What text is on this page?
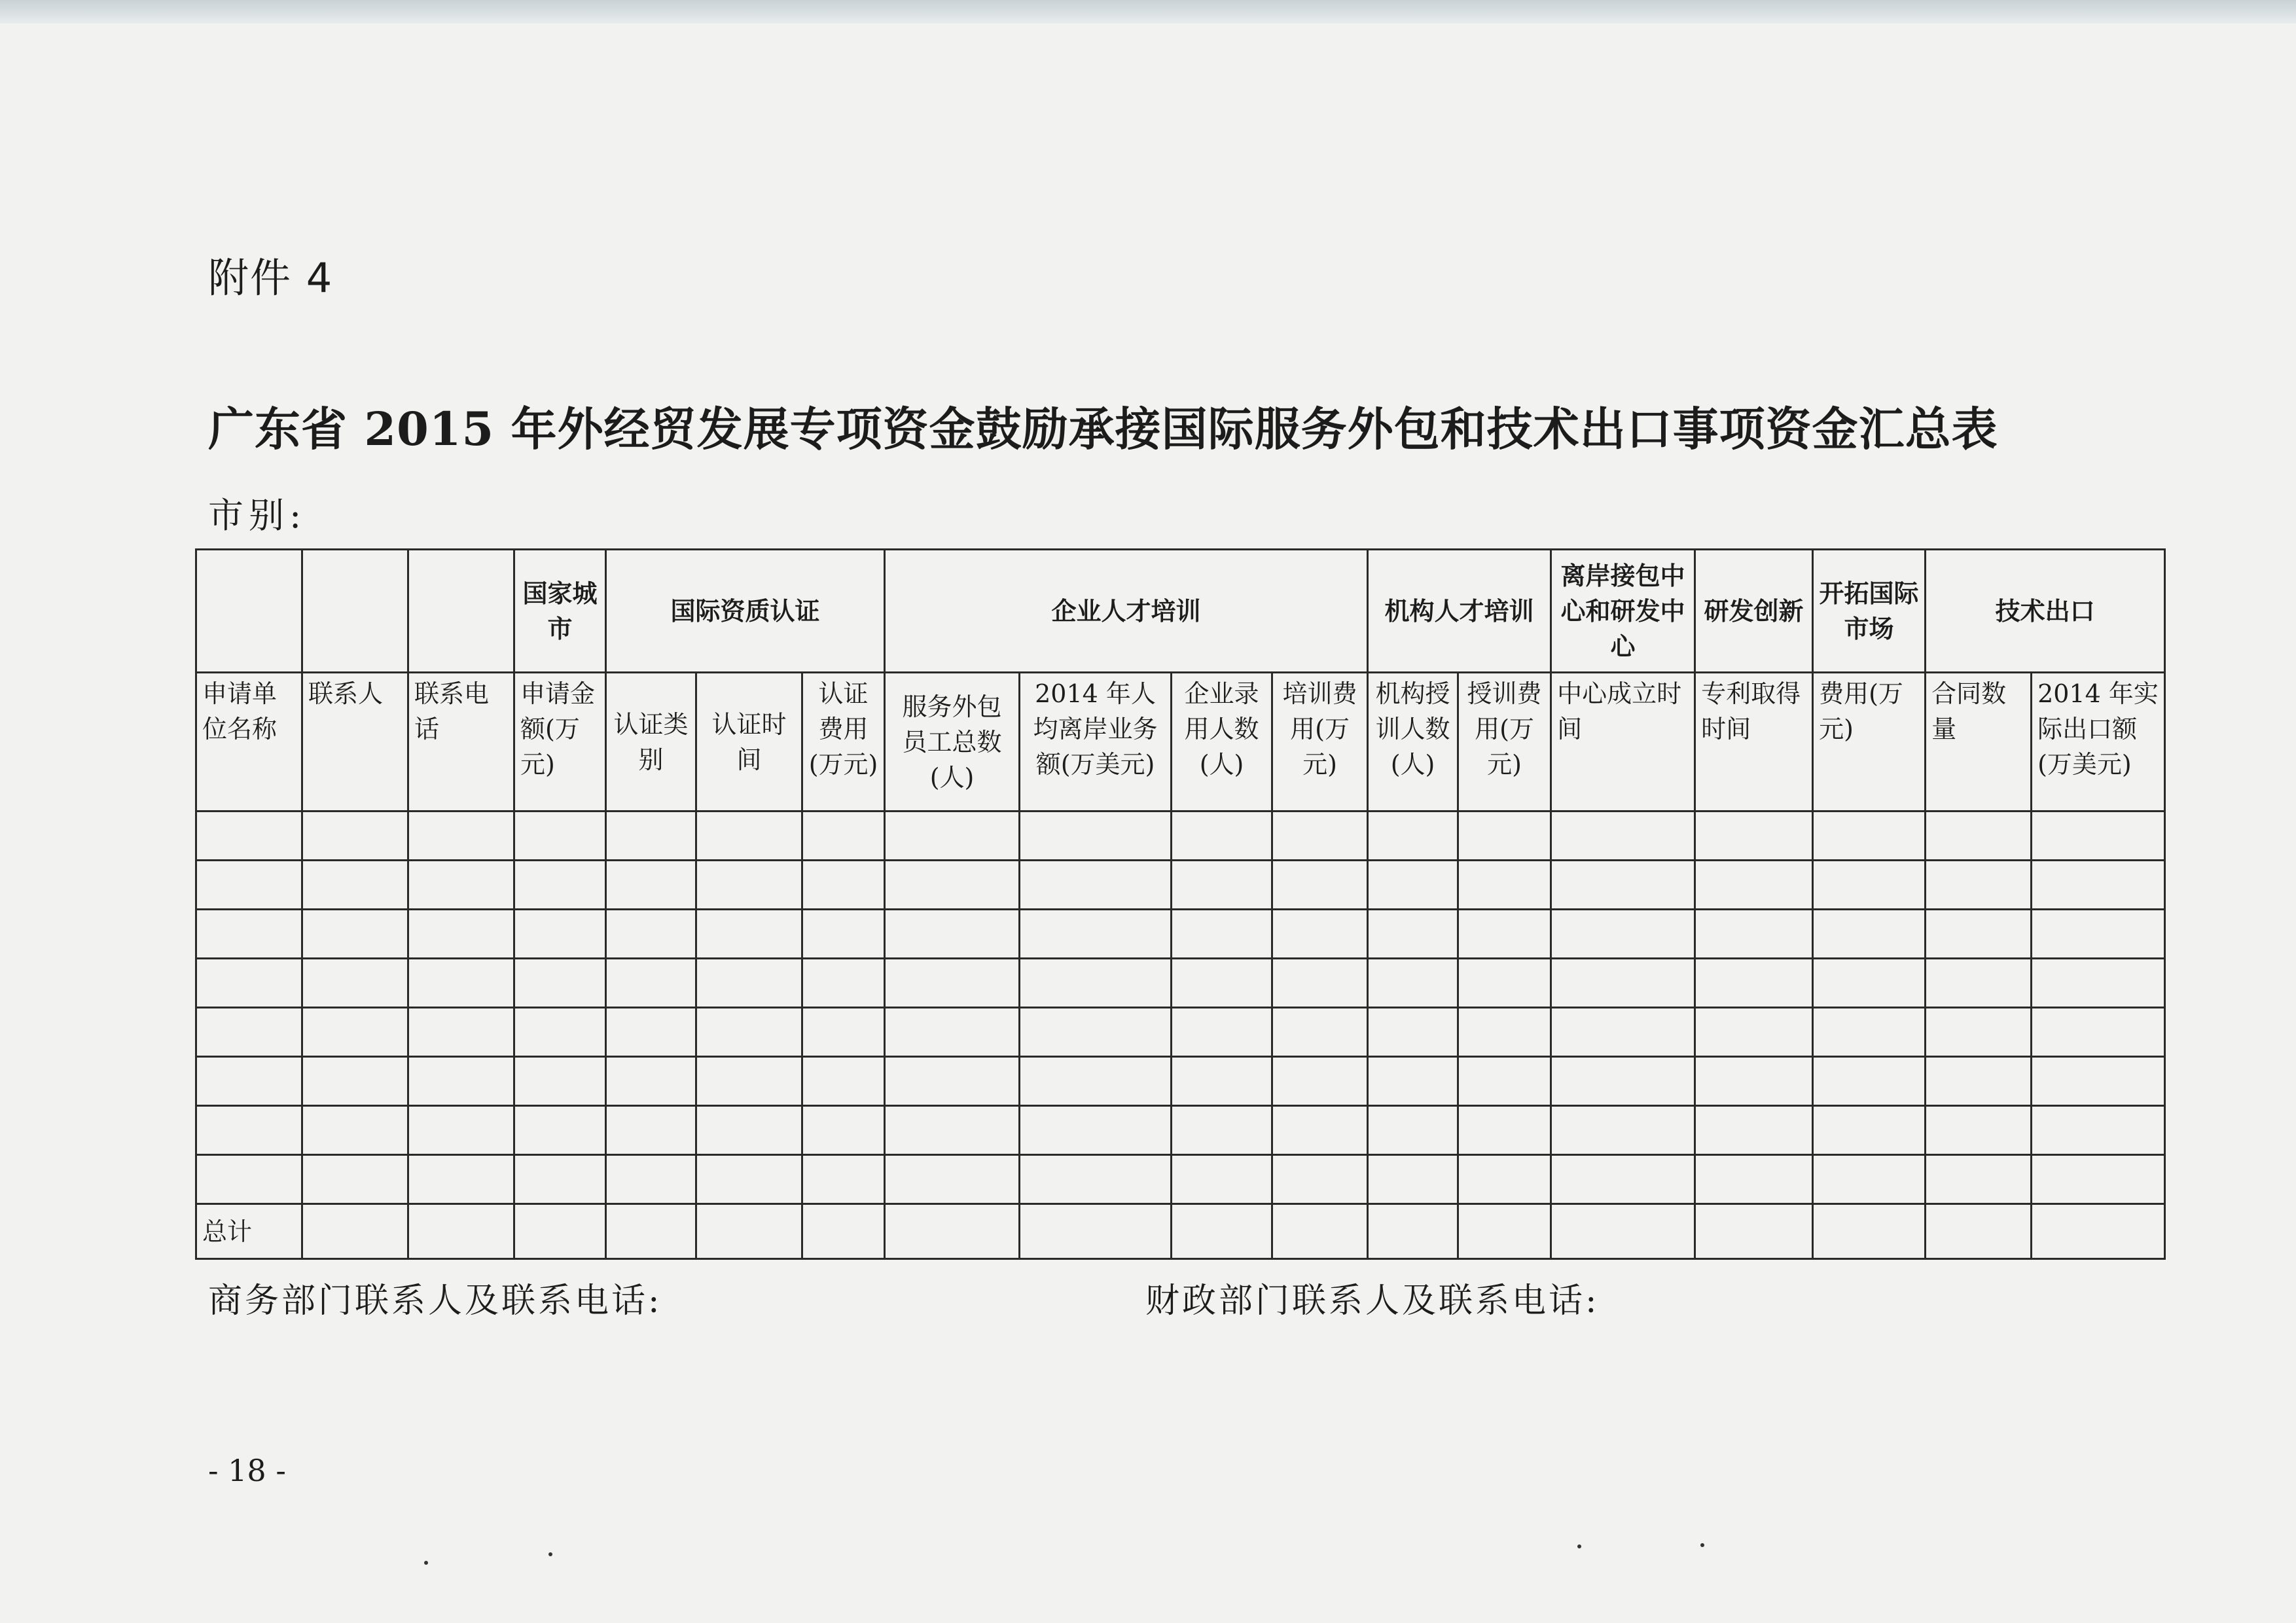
附件 4
广东省 2015 年外经贸发展专项资金鼓励承接国际服务外包和技术出口事项资金汇总表
市别:
			国家城市	国际资质认证			企业人才培训				机构人才培训		离岸接包中心和研发中心	研发创新	开拓国际市场	技术出口	
申请单位名称	联系人	联系电话	申请金额(万元)	认证类别	认证时间	认证费用(万元)	服务外包员工总数(人)	2014 年人均离岸业务额(万美元)	企业录用人数(人)	培训费用(万元)	机构授训人数(人)	授训费用(万元)	中心成立时间	专利取得时间	费用(万元)	合同数量	2014 年实际出口额(万美元)

总计																	
商务部门联系人及联系电话:	财政部门联系人及联系电话:
- 18 -
